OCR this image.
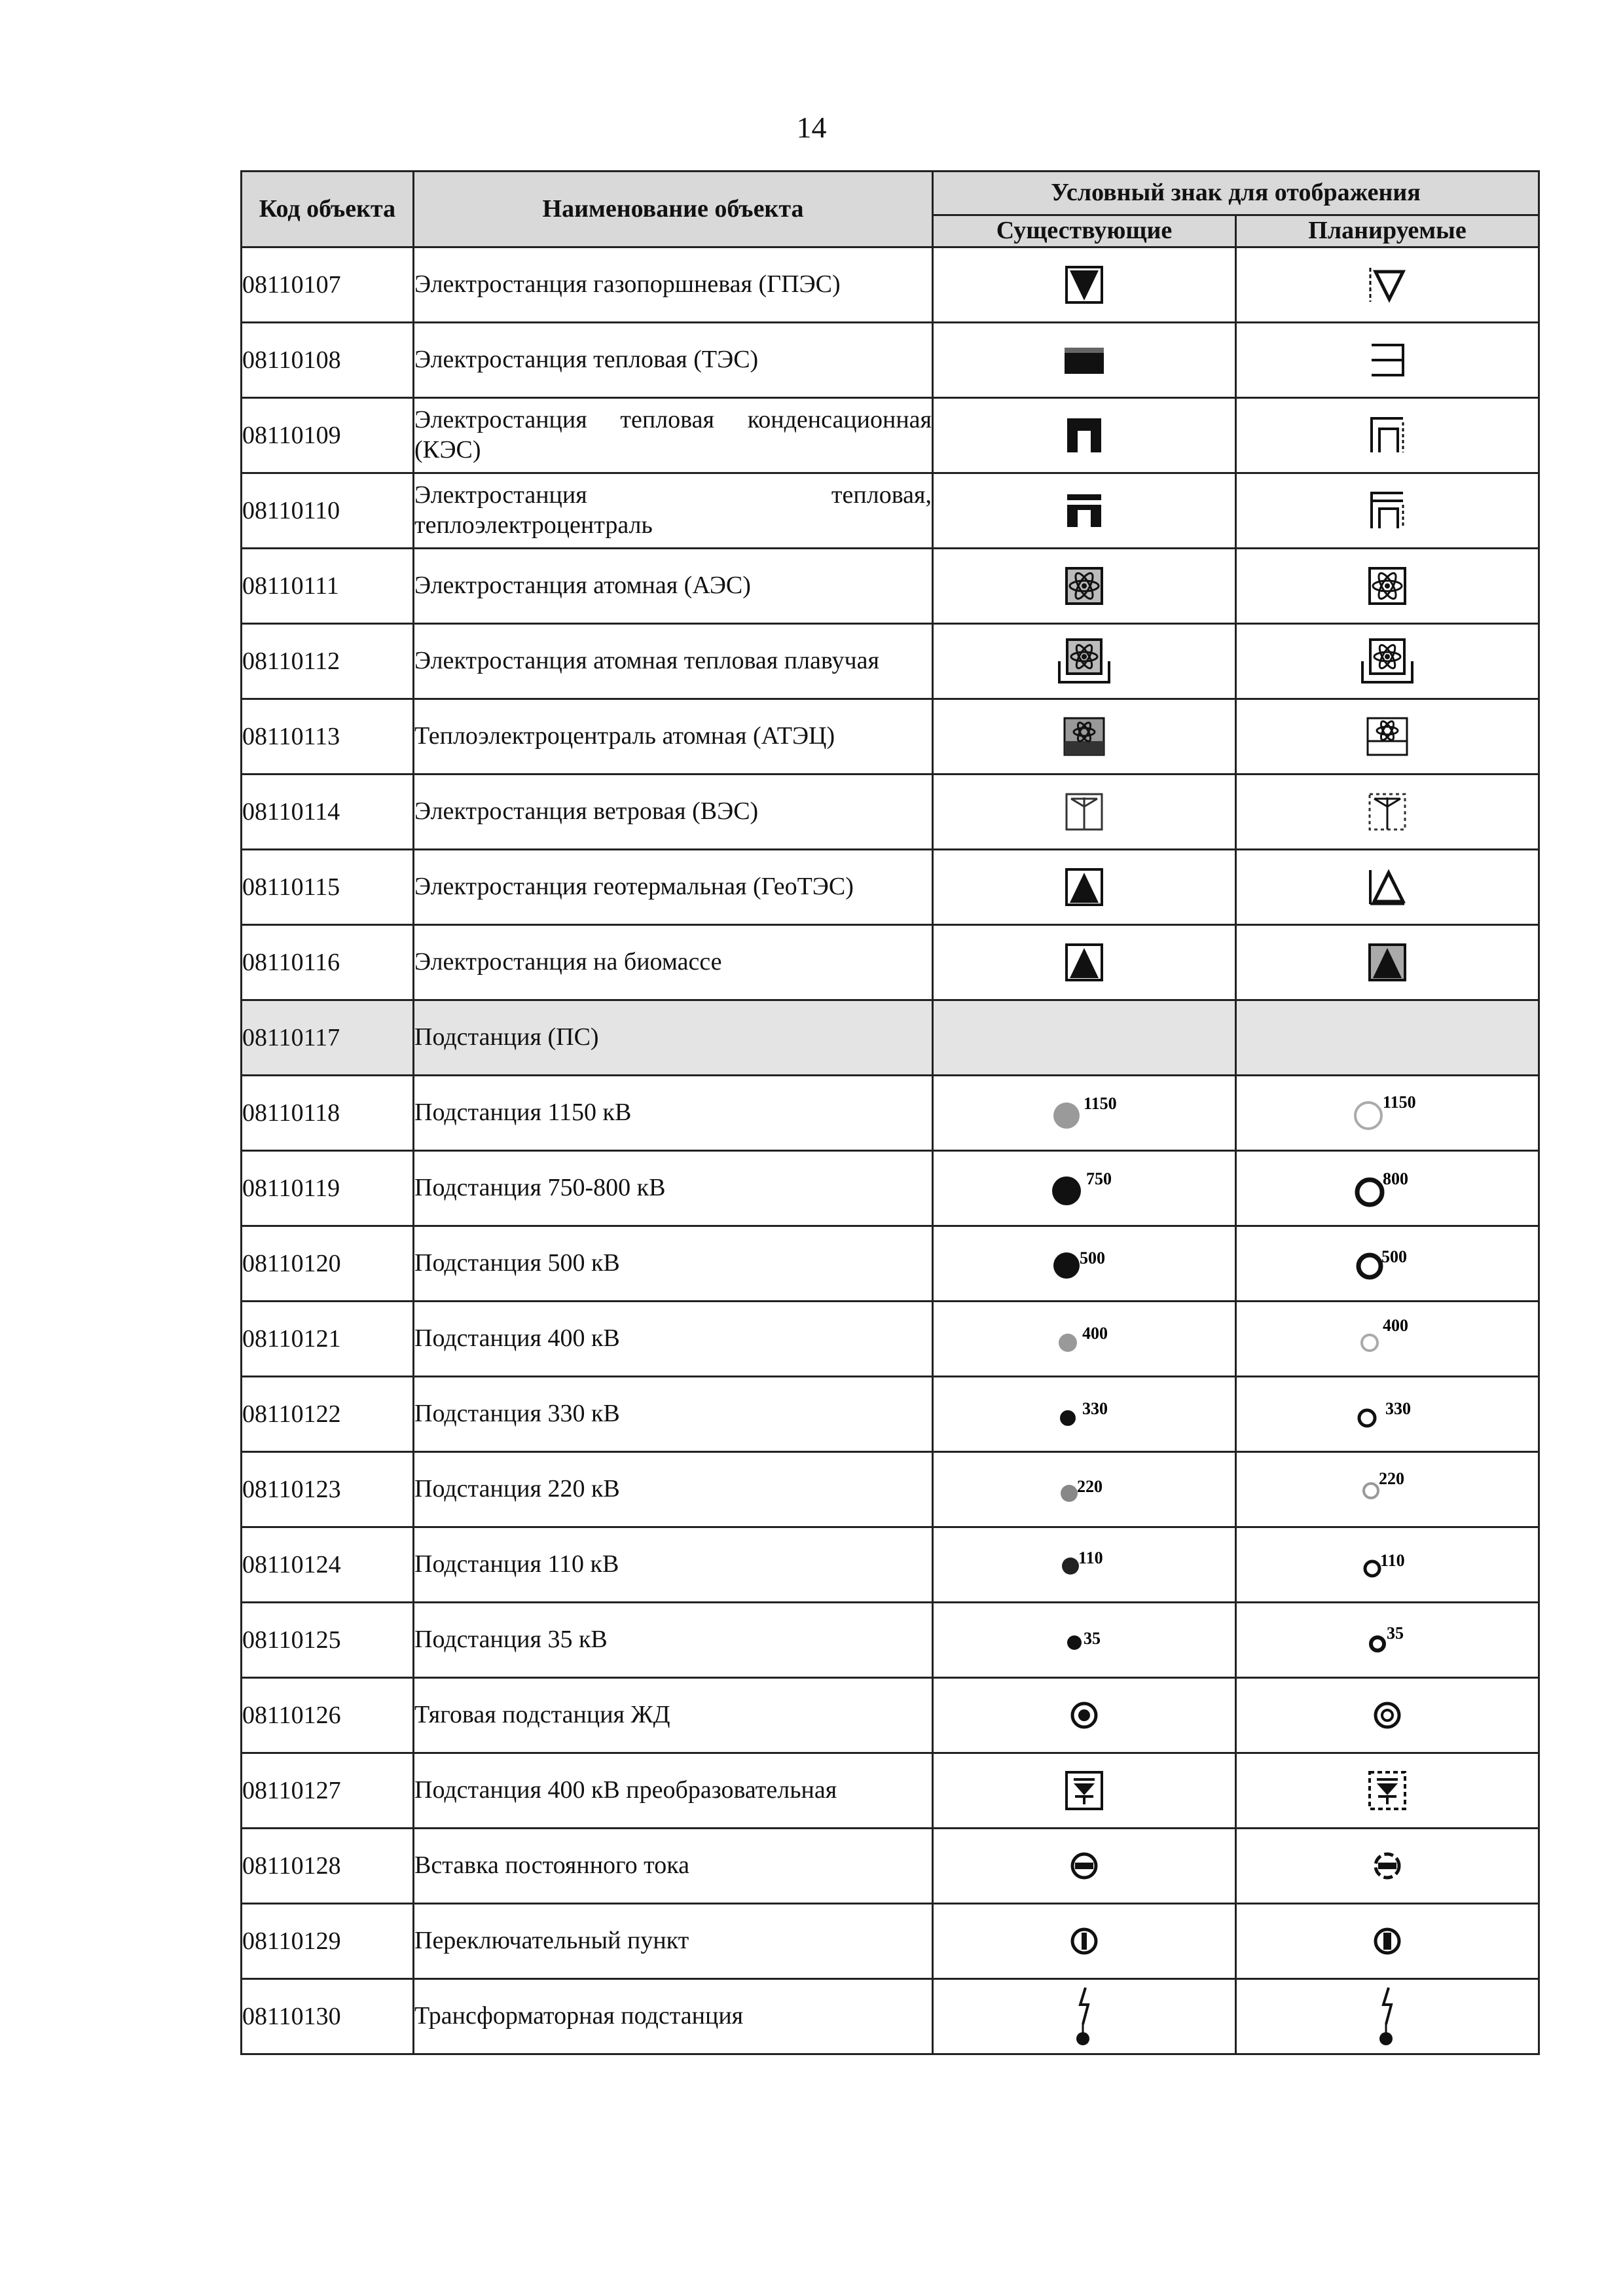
14
Код объекта	Наименование объекта	Условный знак для отображения	
		Существующие	Планируемые
08110107	Электростанция газопоршневая (ГПЭС)	

08110108	Электростанция тепловая (ТЭС)	

08110109	Электростанция тепловая конденсационная (КЭС)	

08110110	Электростанция тепловая, теплоэлектроцентраль	

08110111	Электростанция атомная (АЭС)	

08110112	Электростанция атомная тепловая плавучая	

08110113	Теплоэлектроцентраль атомная (АТЭЦ)	

08110114	Электростанция ветровая (ВЭС)	

08110115	Электростанция геотермальная (ГеоТЭС)	

08110116	Электростанция на биомассе	

08110117	Подстанция (ПС)		
08110118	Подстанция 1150 кВ	1150	1150

08110119	Подстанция 750-800 кВ	750	800

08110120	Подстанция 500 кВ	500	500

08110121	Подстанция 400 кВ	400	400

08110122	Подстанция 330 кВ	330	330

08110123	Подстанция 220 кВ	220	220

08110124	Подстанция 110 кВ	110	110

08110125	Подстанция 35 кВ	35	35

08110126	Тяговая подстанция ЖД	

08110127	Подстанция 400 кВ преобразовательная	

08110128	Вставка постоянного тока	

08110129	Переключательный пункт	

08110130	Трансформаторная подстанция	
